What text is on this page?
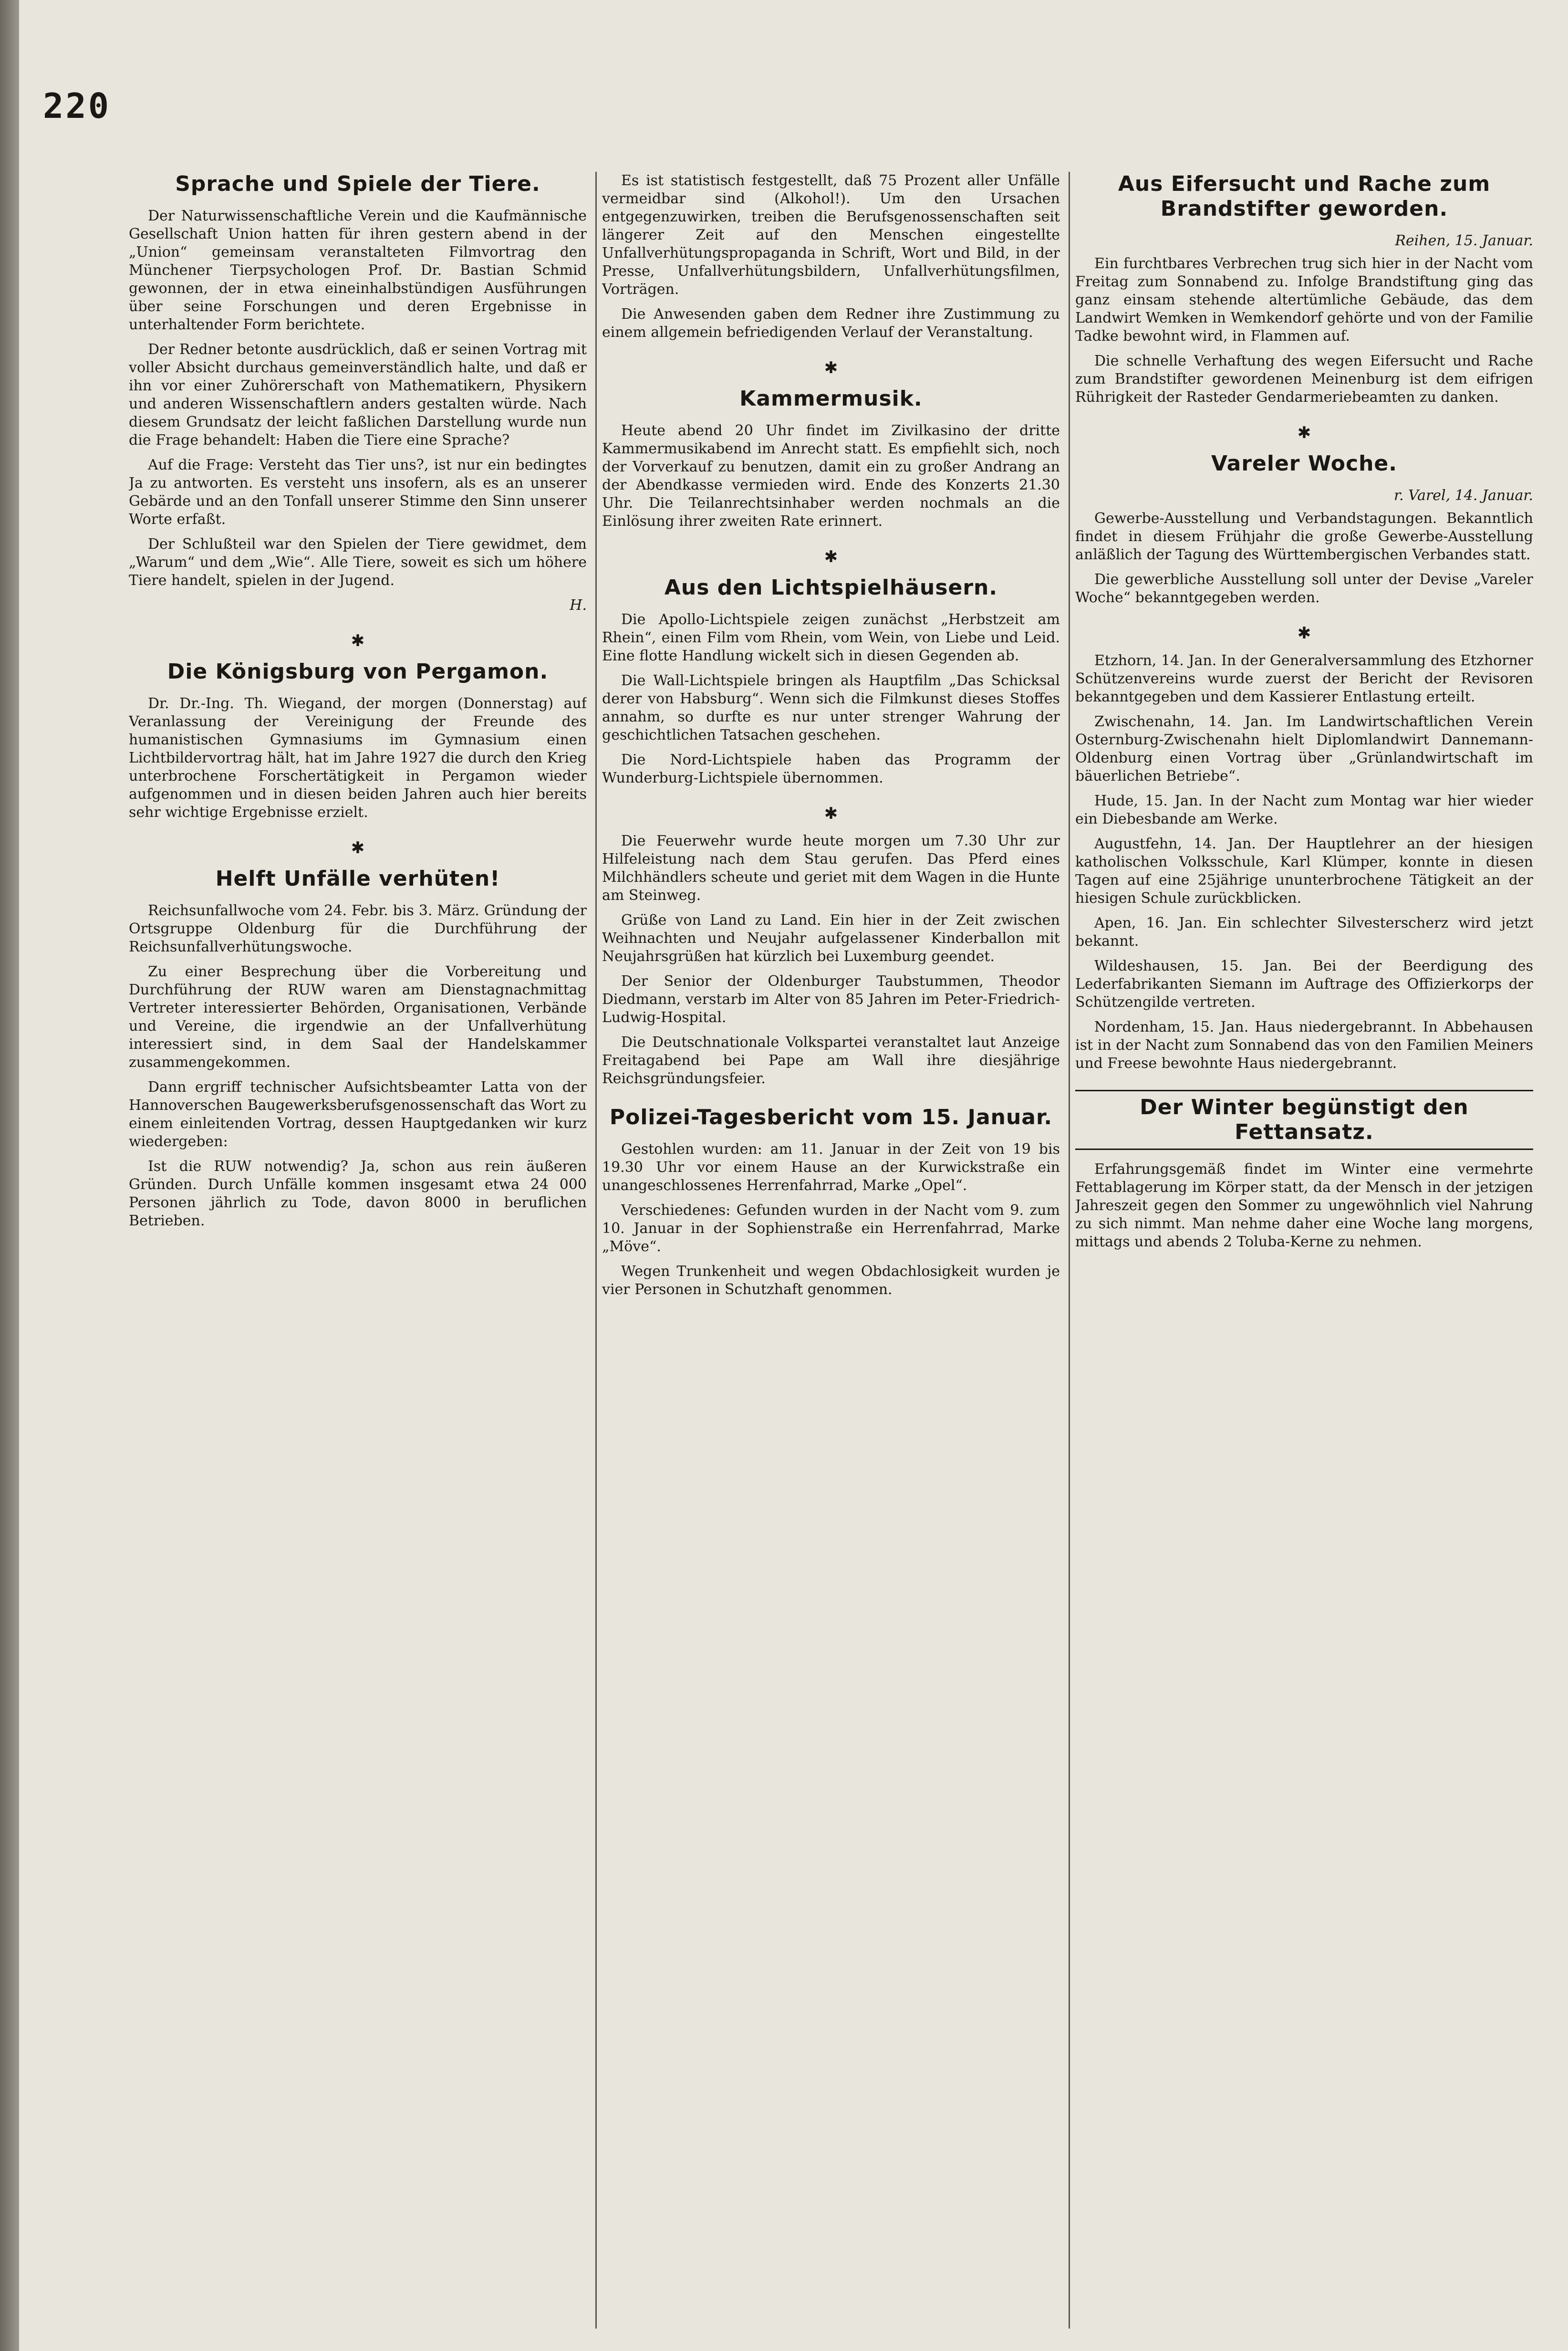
220
Sprache und Spiele der Tiere.

Der Naturwissenschaftliche Verein und die Kaufmännische Gesellschaft Union hatten für ihren gestern abend in der „Union“ gemeinsam veranstalteten Filmvortrag den Münchener Tierpsychologen Prof. Dr. Bastian Schmid gewonnen, der in etwa eineinhalbstündigen Ausführungen über seine Forschungen und deren Ergebnisse in unterhaltender Form berichtete.

Der Redner betonte ausdrücklich, daß er seinen Vortrag mit voller Absicht durchaus gemeinverständlich halte, und daß er ihn vor einer Zuhörerschaft von Mathematikern, Physikern und anderen Wissenschaftlern anders gestalten würde. Nach diesem Grundsatz der leicht faßlichen Darstellung wurde nun die Frage behandelt: Haben die Tiere eine Sprache?

Auf die Frage: Versteht das Tier uns?, ist nur ein bedingtes Ja zu antworten. Es versteht uns insofern, als es an unserer Gebärde und an den Tonfall unserer Stimme den Sinn unserer Worte erfaßt.

Der Schlußteil war den Spielen der Tiere gewidmet, dem „Warum“ und dem „Wie“. Alle Tiere, soweit es sich um höhere Tiere handelt, spielen in der Jugend.

H.

✱
Die Königsburg von Pergamon.

Dr. Dr.-Ing. Th. Wiegand, der morgen (Donnerstag) auf Veranlassung der Vereinigung der Freunde des humanistischen Gymnasiums im Gymnasium einen Lichtbildervortrag hält, hat im Jahre 1927 die durch den Krieg unterbrochene Forschertätigkeit in Pergamon wieder aufgenommen und in diesen beiden Jahren auch hier bereits sehr wichtige Ergebnisse erzielt.

✱
Helft Unfälle verhüten!

Reichsunfallwoche vom 24. Febr. bis 3. März. Gründung der Ortsgruppe Oldenburg für die Durchführung der Reichsunfallverhütungswoche.

Zu einer Besprechung über die Vorbereitung und Durchführung der RUW waren am Dienstagnachmittag Vertreter interessierter Behörden, Organisationen, Verbände und Vereine, die irgendwie an der Unfallverhütung interessiert sind, in dem Saal der Handelskammer zusammengekommen.

Dann ergriff technischer Aufsichtsbeamter Latta von der Hannoverschen Baugewerksberufsgenossenschaft das Wort zu einem einleitenden Vortrag, dessen Hauptgedanken wir kurz wiedergeben:

Ist die RUW notwendig? Ja, schon aus rein äußeren Gründen. Durch Unfälle kommen insgesamt etwa 24 000 Personen jährlich zu Tode, davon 8000 in beruflichen Betrieben.

Es ist statistisch festgestellt, daß 75 Prozent aller Unfälle vermeidbar sind (Alkohol!). Um den Ursachen entgegenzuwirken, treiben die Berufsgenossenschaften seit längerer Zeit auf den Menschen eingestellte Unfallverhütungspropaganda in Schrift, Wort und Bild, in der Presse, Unfallverhütungsbildern, Unfallverhütungsfilmen, Vorträgen.

Die Anwesenden gaben dem Redner ihre Zustimmung zu einem allgemein befriedigenden Verlauf der Veranstaltung.

✱
Kammermusik.

Heute abend 20 Uhr findet im Zivilkasino der dritte Kammermusikabend im Anrecht statt. Es empfiehlt sich, noch der Vorverkauf zu benutzen, damit ein zu großer Andrang an der Abendkasse vermieden wird. Ende des Konzerts 21.30 Uhr. Die Teilanrechtsinhaber werden nochmals an die Einlösung ihrer zweiten Rate erinnert.

✱
Aus den Lichtspielhäusern.

Die Apollo-Lichtspiele zeigen zunächst „Herbstzeit am Rhein“, einen Film vom Rhein, vom Wein, von Liebe und Leid. Eine flotte Handlung wickelt sich in diesen Gegenden ab.

Die Wall-Lichtspiele bringen als Hauptfilm „Das Schicksal derer von Habsburg“. Wenn sich die Filmkunst dieses Stoffes annahm, so durfte es nur unter strenger Wahrung der geschichtlichen Tatsachen geschehen.

Die Nord-Lichtspiele haben das Programm der Wunderburg-Lichtspiele übernommen.

✱

Die Feuerwehr wurde heute morgen um 7.30 Uhr zur Hilfeleistung nach dem Stau gerufen. Das Pferd eines Milchhändlers scheute und geriet mit dem Wagen in die Hunte am Steinweg.

Grüße von Land zu Land. Ein hier in der Zeit zwischen Weihnachten und Neujahr aufgelassener Kinderballon mit Neujahrsgrüßen hat kürzlich bei Luxemburg geendet.

Der Senior der Oldenburger Taubstummen, Theodor Diedmann, verstarb im Alter von 85 Jahren im Peter-Friedrich-Ludwig-Hospital.

Die Deutschnationale Volkspartei veranstaltet laut Anzeige Freitagabend bei Pape am Wall ihre diesjährige Reichsgründungsfeier.

Polizei-Tagesbericht vom 15. Januar.

Gestohlen wurden: am 11. Januar in der Zeit von 19 bis 19.30 Uhr vor einem Hause an der Kurwickstraße ein unangeschlossenes Herrenfahrrad, Marke „Opel“.

Verschiedenes: Gefunden wurden in der Nacht vom 9. zum 10. Januar in der Sophienstraße ein Herrenfahrrad, Marke „Möve“.

Wegen Trunkenheit und wegen Obdachlosigkeit wurden je vier Personen in Schutzhaft genommen.

Aus Eifersucht und Rache zum Brandstifter geworden.

Reihen, 15. Januar.

Ein furchtbares Verbrechen trug sich hier in der Nacht vom Freitag zum Sonnabend zu. Infolge Brandstiftung ging das ganz einsam stehende altertümliche Gebäude, das dem Landwirt Wemken in Wemkendorf gehörte und von der Familie Tadke bewohnt wird, in Flammen auf.

Die schnelle Verhaftung des wegen Eifersucht und Rache zum Brandstifter gewordenen Meinenburg ist dem eifrigen Rührigkeit der Rasteder Gendarmeriebeamten zu danken.

✱
Vareler Woche.

r. Varel, 14. Januar.

Gewerbe-Ausstellung und Verbandstagungen. Bekanntlich findet in diesem Frühjahr die große Gewerbe-Ausstellung anläßlich der Tagung des Württembergischen Verbandes statt.

Die gewerbliche Ausstellung soll unter der Devise „Vareler Woche“ bekanntgegeben werden.

✱

Etzhorn, 14. Jan. In der Generalversammlung des Etzhorner Schützenvereins wurde zuerst der Bericht der Revisoren bekanntgegeben und dem Kassierer Entlastung erteilt.

Zwischenahn, 14. Jan. Im Landwirtschaftlichen Verein Osternburg-Zwischenahn hielt Diplomlandwirt Dannemann-Oldenburg einen Vortrag über „Grünlandwirtschaft im bäuerlichen Betriebe“.

Hude, 15. Jan. In der Nacht zum Montag war hier wieder ein Diebesbande am Werke.

Augustfehn, 14. Jan. Der Hauptlehrer an der hiesigen katholischen Volksschule, Karl Klümper, konnte in diesen Tagen auf eine 25jährige ununterbrochene Tätigkeit an der hiesigen Schule zurückblicken.

Apen, 16. Jan. Ein schlechter Silvesterscherz wird jetzt bekannt.

Wildeshausen, 15. Jan. Bei der Beerdigung des Lederfabrikanten Siemann im Auftrage des Offizierkorps der Schützengilde vertreten.

Nordenham, 15. Jan. Haus niedergebrannt. In Abbehausen ist in der Nacht zum Sonnabend das von den Familien Meiners und Freese bewohnte Haus niedergebrannt.

Der Winter begünstigt den Fettansatz.

Erfahrungsgemäß findet im Winter eine vermehrte Fettablagerung im Körper statt, da der Mensch in der jetzigen Jahreszeit gegen den Sommer zu ungewöhnlich viel Nahrung zu sich nimmt. Man nehme daher eine Woche lang morgens, mittags und abends 2 Toluba-Kerne zu nehmen.
